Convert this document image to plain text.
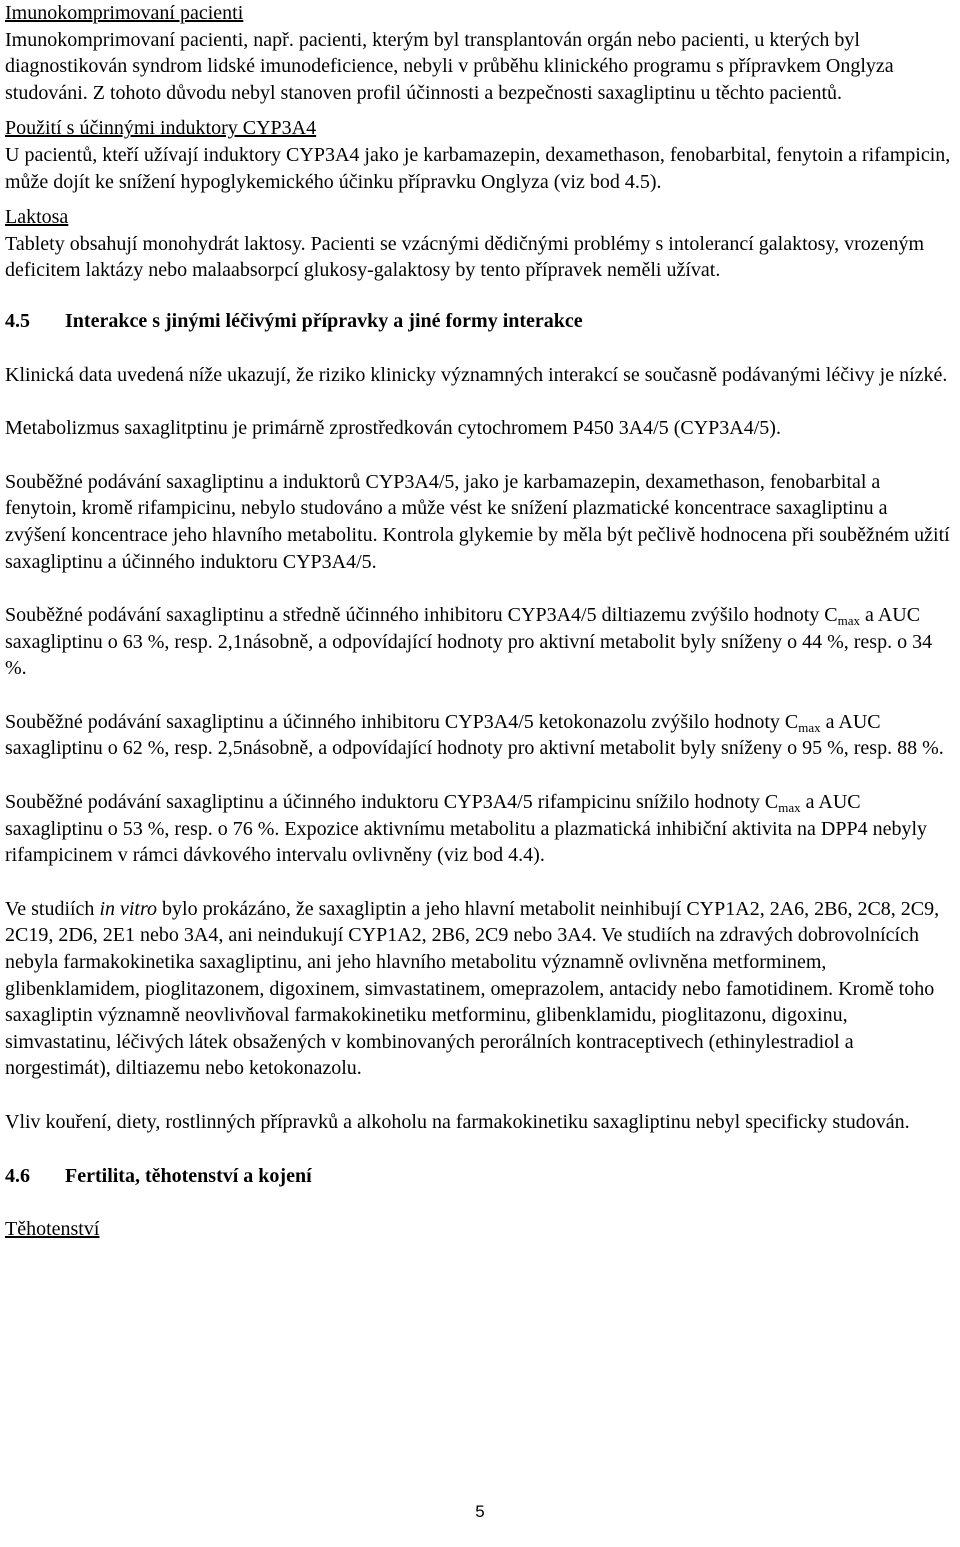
Imunokomprimovaní pacienti

Imunokomprimovaní pacienti, např. pacienti, kterým byl transplantován orgán nebo pacienti, u kterých byl diagnostikován syndrom lidské imunodeficience, nebyli v průběhu klinického programu s přípravkem Onglyza studováni. Z tohoto důvodu nebyl stanoven profil účinnosti a bezpečnosti saxagliptinu u těchto pacientů.

Použití s účinnými induktory CYP3A4

U pacientů, kteří užívají induktory CYP3A4 jako je karbamazepin, dexamethason, fenobarbital, fenytoin a rifampicin, může dojít ke snížení hypoglykemického účinku přípravku Onglyza (viz bod 4.5).

Laktosa

Tablety obsahují monohydrát laktosy. Pacienti se vzácnými dědičnými problémy s intolerancí galaktosy, vrozeným deficitem laktázy nebo malaabsorpcí glukosy-galaktosy by tento přípravek neměli užívat.

4.5	Interakce s jinými léčivými přípravky a jiné formy interakce

Klinická data uvedená níže ukazují, že riziko klinicky významných interakcí se současně podávanými léčivy je nízké.

Metabolizmus saxaglitptinu je primárně zprostředkován cytochromem P450 3A4/5 (CYP3A4/5).

Souběžné podávání saxagliptinu a induktorů CYP3A4/5, jako je karbamazepin, dexamethason, fenobarbital a fenytoin, kromě rifampicinu, nebylo studováno a může vést ke snížení plazmatické koncentrace saxagliptinu a zvýšení koncentrace jeho hlavního metabolitu. Kontrola glykemie by měla být pečlivě hodnocena při souběžném užití saxagliptinu a účinného induktoru CYP3A4/5.

Souběžné podávání saxagliptinu a středně účinného inhibitoru CYP3A4/5 diltiazemu zvýšilo hodnoty $C_{max}$ a AUC saxagliptinu o 63 %, resp. 2,1násobně, a odpovídající hodnoty pro aktivní metabolit byly sníženy o 44 %, resp. o 34 %.

Souběžné podávání saxagliptinu a účinného inhibitoru CYP3A4/5 ketokonazolu zvýšilo hodnoty $C_{max}$ a AUC saxagliptinu o 62 %, resp. 2,5násobně, a odpovídající hodnoty pro aktivní metabolit byly sníženy o 95 %, resp. 88 %.

Souběžné podávání saxagliptinu a účinného induktoru CYP3A4/5 rifampicinu snížilo hodnoty $C_{max}$ a AUC saxagliptinu o 53 %, resp. o 76 %. Expozice aktivnímu metabolitu a plazmatická inhibiční aktivita na DPP4 nebyly rifampicinem v rámci dávkového intervalu ovlivněny (viz bod 4.4).

Ve studiích in vitro bylo prokázáno, že saxagliptin a jeho hlavní metabolit neinhibují CYP1A2, 2A6, 2B6, 2C8, 2C9, 2C19, 2D6, 2E1 nebo 3A4, ani neindukují CYP1A2, 2B6, 2C9 nebo 3A4. Ve studiích na zdravých dobrovolnících nebyla farmakokinetika saxagliptinu, ani jeho hlavního metabolitu významně ovlivněna metforminem, glibenklamidem, pioglitazonem, digoxinem, simvastatinem, omeprazolem, antacidy nebo famotidinem. Kromě toho saxagliptin významně neovlivňoval farmakokinetiku metforminu, glibenklamidu, pioglitazonu, digoxinu, simvastatinu, léčivých látek obsažených v kombinovaných perorálních kontraceptivech (ethinylestradiol a norgestimát), diltiazemu nebo ketokonazolu.

Vliv kouření, diety, rostlinných přípravků a alkoholu na farmakokinetiku saxagliptinu nebyl specificky studován.

4.6	Fertilita, těhotenství a kojení

Těhotenství

5
